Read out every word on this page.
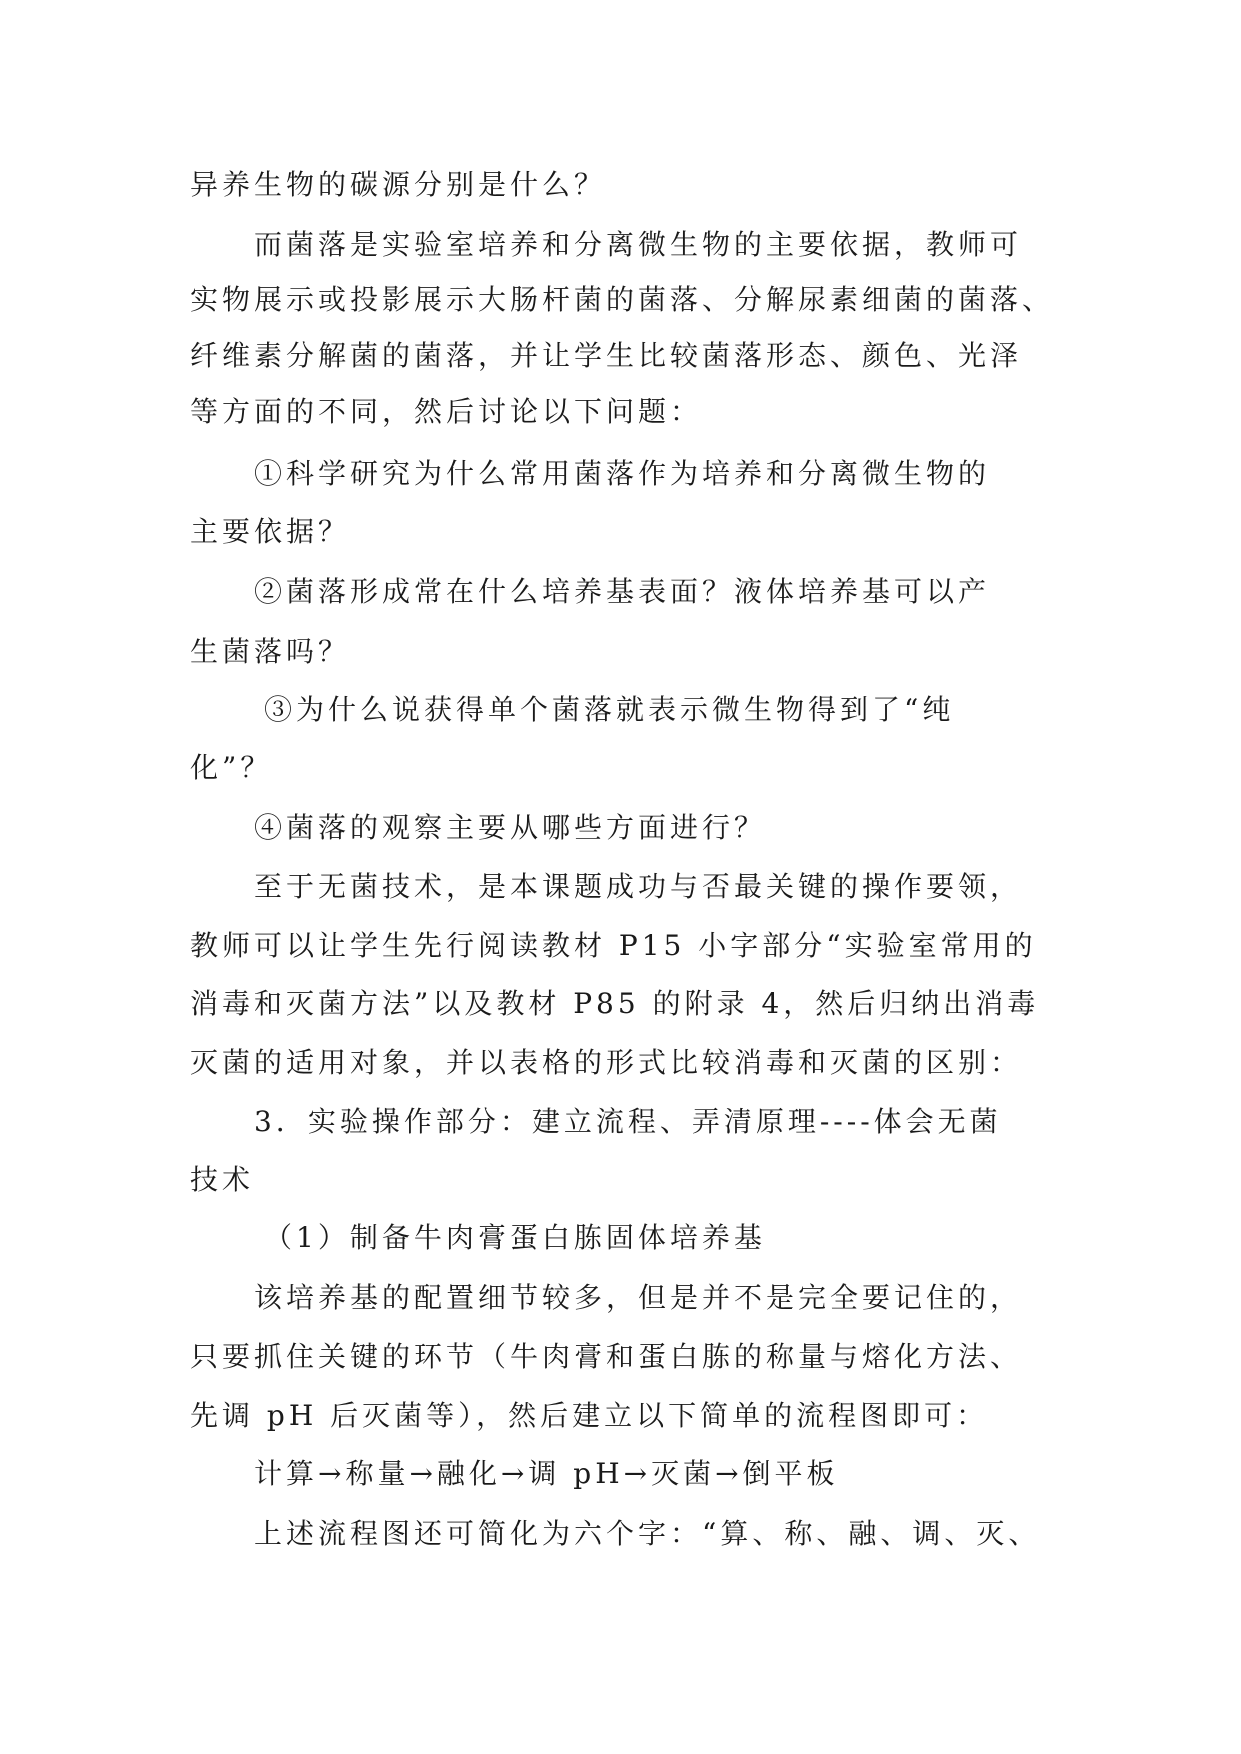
异养生物的碳源分别是什么？
而菌落是实验室培养和分离微生物的主要依据，教师可
实物展示或投影展示大肠杆菌的菌落、分解尿素细菌的菌落、
纤维素分解菌的菌落，并让学生比较菌落形态、颜色、光泽
等方面的不同，然后讨论以下问题：
①科学研究为什么常用菌落作为培养和分离微生物的
主要依据？
②菌落形成常在什么培养基表面？液体培养基可以产
生菌落吗？
③为什么说获得单个菌落就表示微生物得到了“纯
化”？
④菌落的观察主要从哪些方面进行？
至于无菌技术，是本课题成功与否最关键的操作要领，
教师可以让学生先行阅读教材 P15 小字部分“实验室常用的
消毒和灭菌方法”以及教材 P85 的附录 4，然后归纳出消毒
灭菌的适用对象，并以表格的形式比较消毒和灭菌的区别：
3．实验操作部分：建立流程、弄清原理----体会无菌
技术
（1）制备牛肉膏蛋白胨固体培养基
该培养基的配置细节较多，但是并不是完全要记住的，
只要抓住关键的环节（牛肉膏和蛋白胨的称量与熔化方法、
先调 pH 后灭菌等），然后建立以下简单的流程图即可：
计算→称量→融化→调 pH→灭菌→倒平板
上述流程图还可简化为六个字：“算、称、融、调、灭、
